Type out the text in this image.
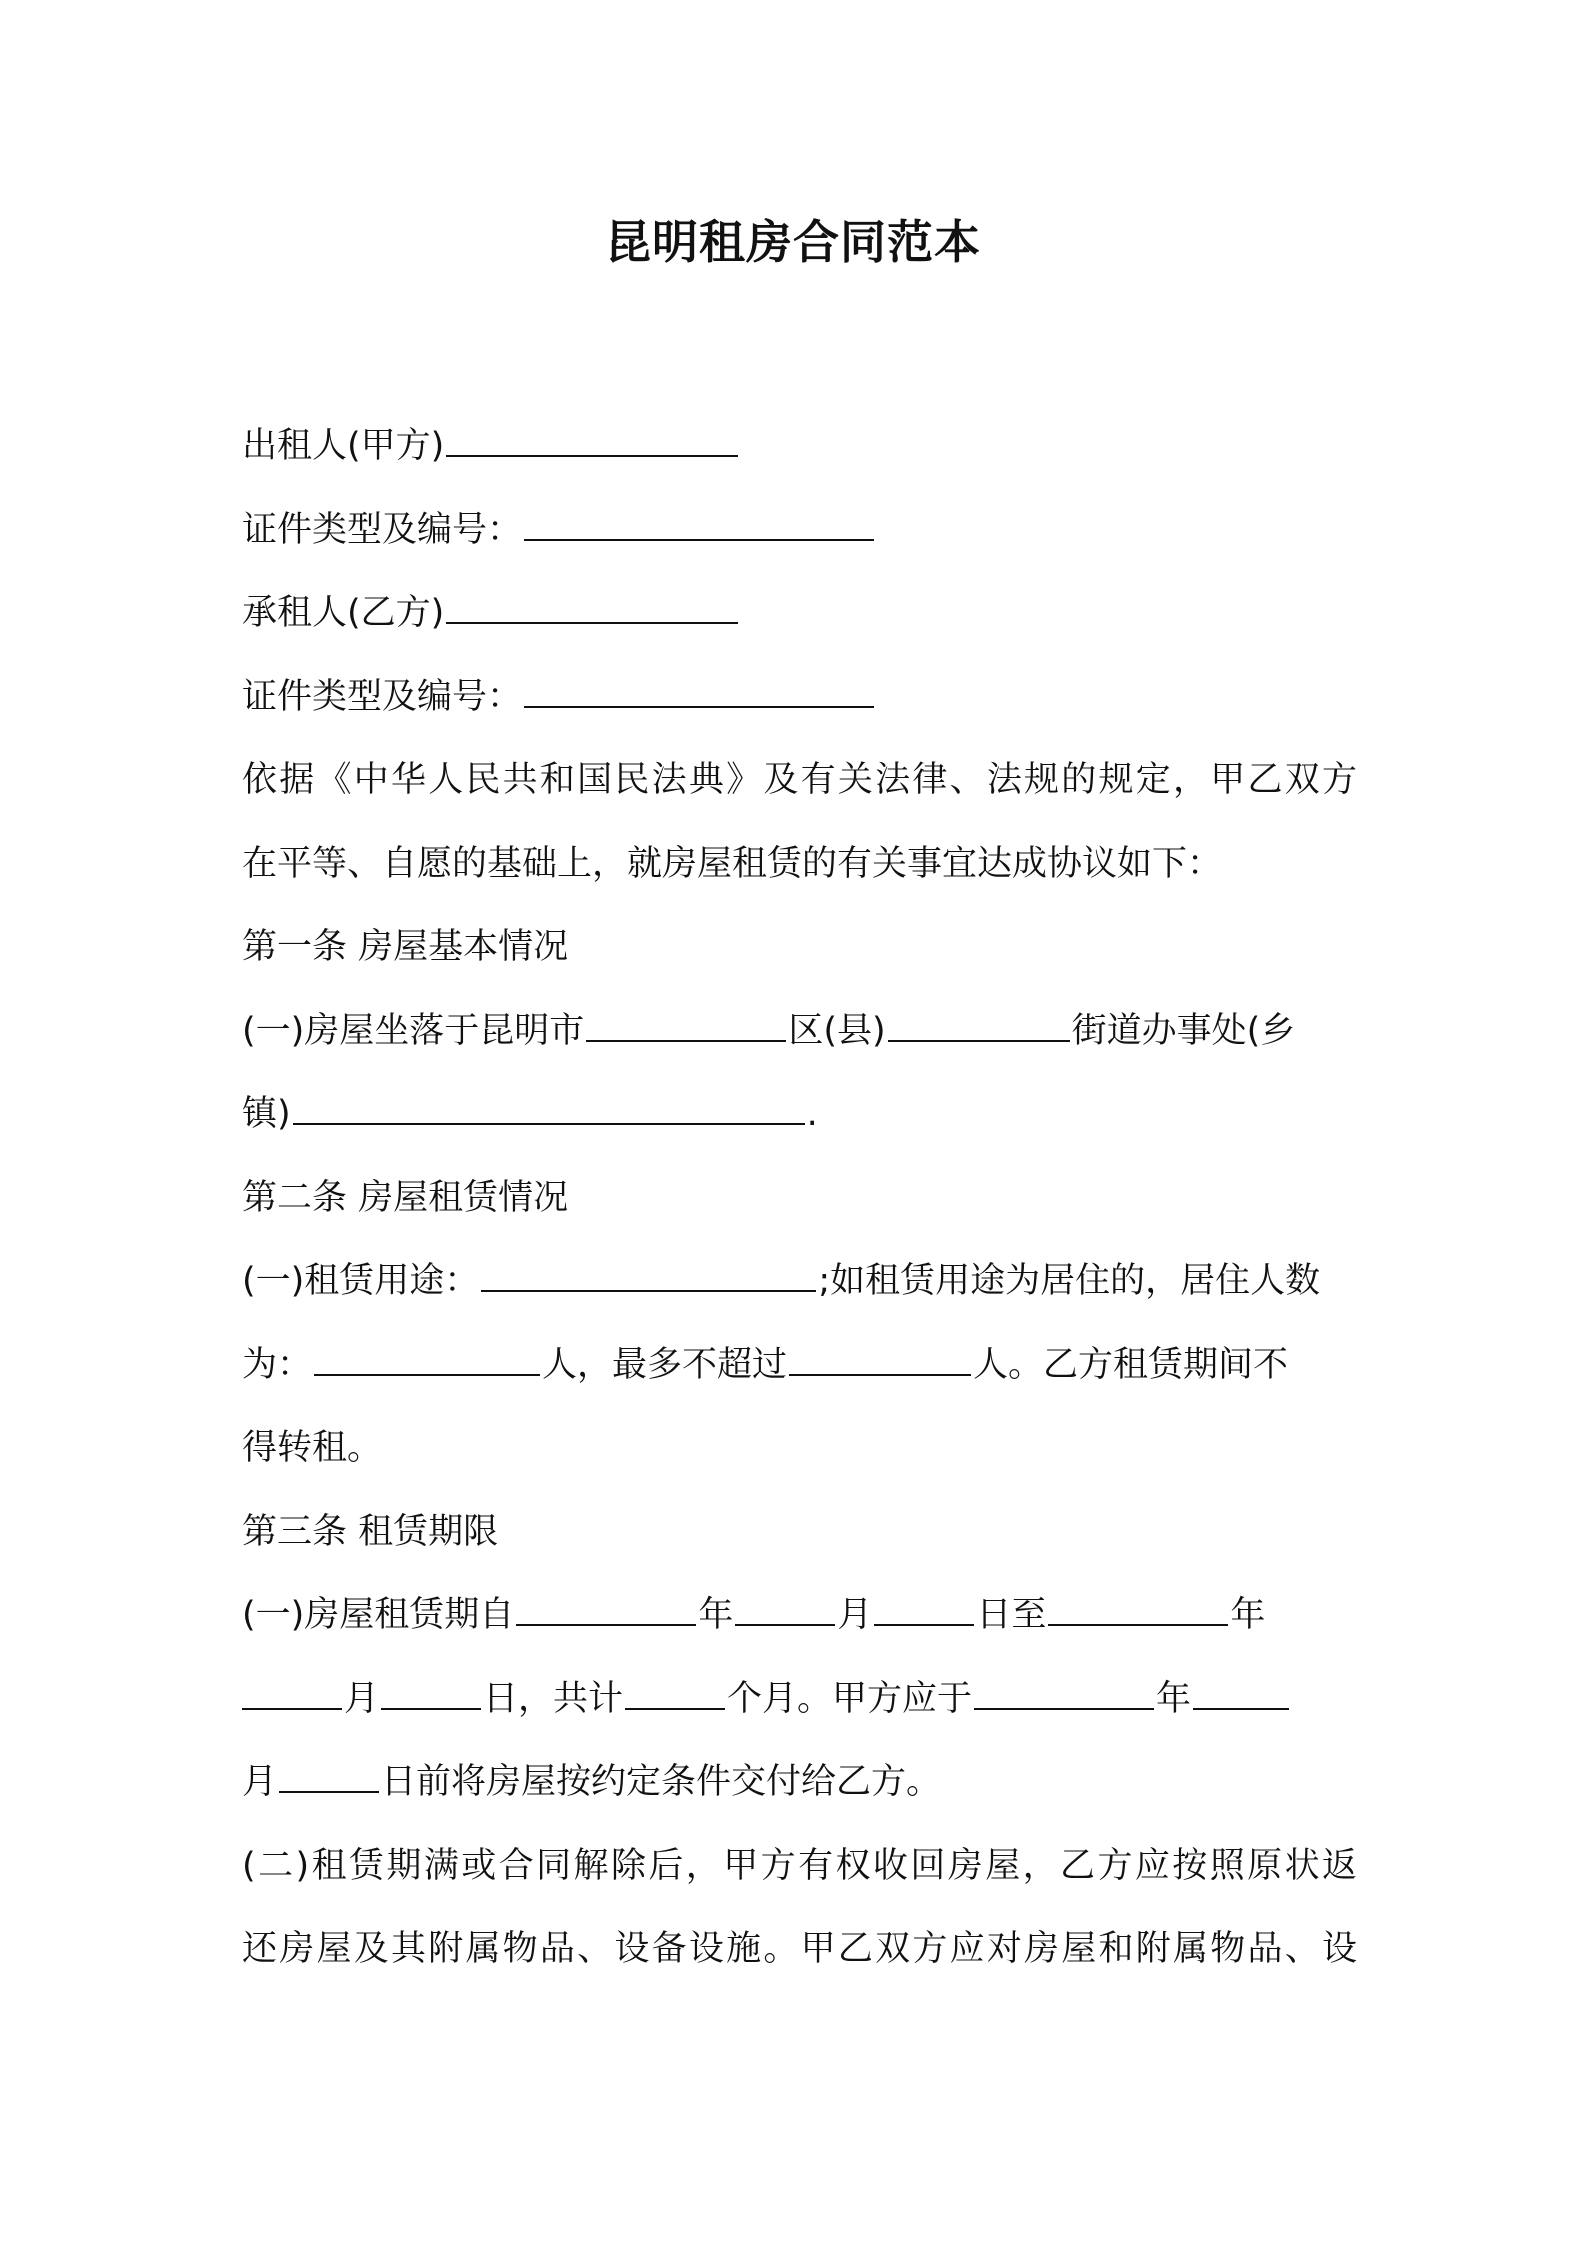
昆明租房合同范本
出租人(甲方)
证件类型及编号：
承租人(乙方)
证件类型及编号：
依据《中华人民共和国民法典》及有关法律、法规的规定，甲乙双方
在平等、自愿的基础上，就房屋租赁的有关事宜达成协议如下：
第一条 房屋基本情况
(一)房屋坐落于昆明市	区(县)	街道办事处(乡
镇)	.
第二条 房屋租赁情况
(一)租赁用途：	;如租赁用途为居住的，居住人数
为：	人，最多不超过	人。乙方租赁期间不
得转租。
第三条 租赁期限
(一)房屋租赁期自	年	月	日至	年
月	日，共计	个月。甲方应于	年
月	日前将房屋按约定条件交付给乙方。
(二)租赁期满或合同解除后，甲方有权收回房屋，乙方应按照原状返
还房屋及其附属物品、设备设施。甲乙双方应对房屋和附属物品、设
